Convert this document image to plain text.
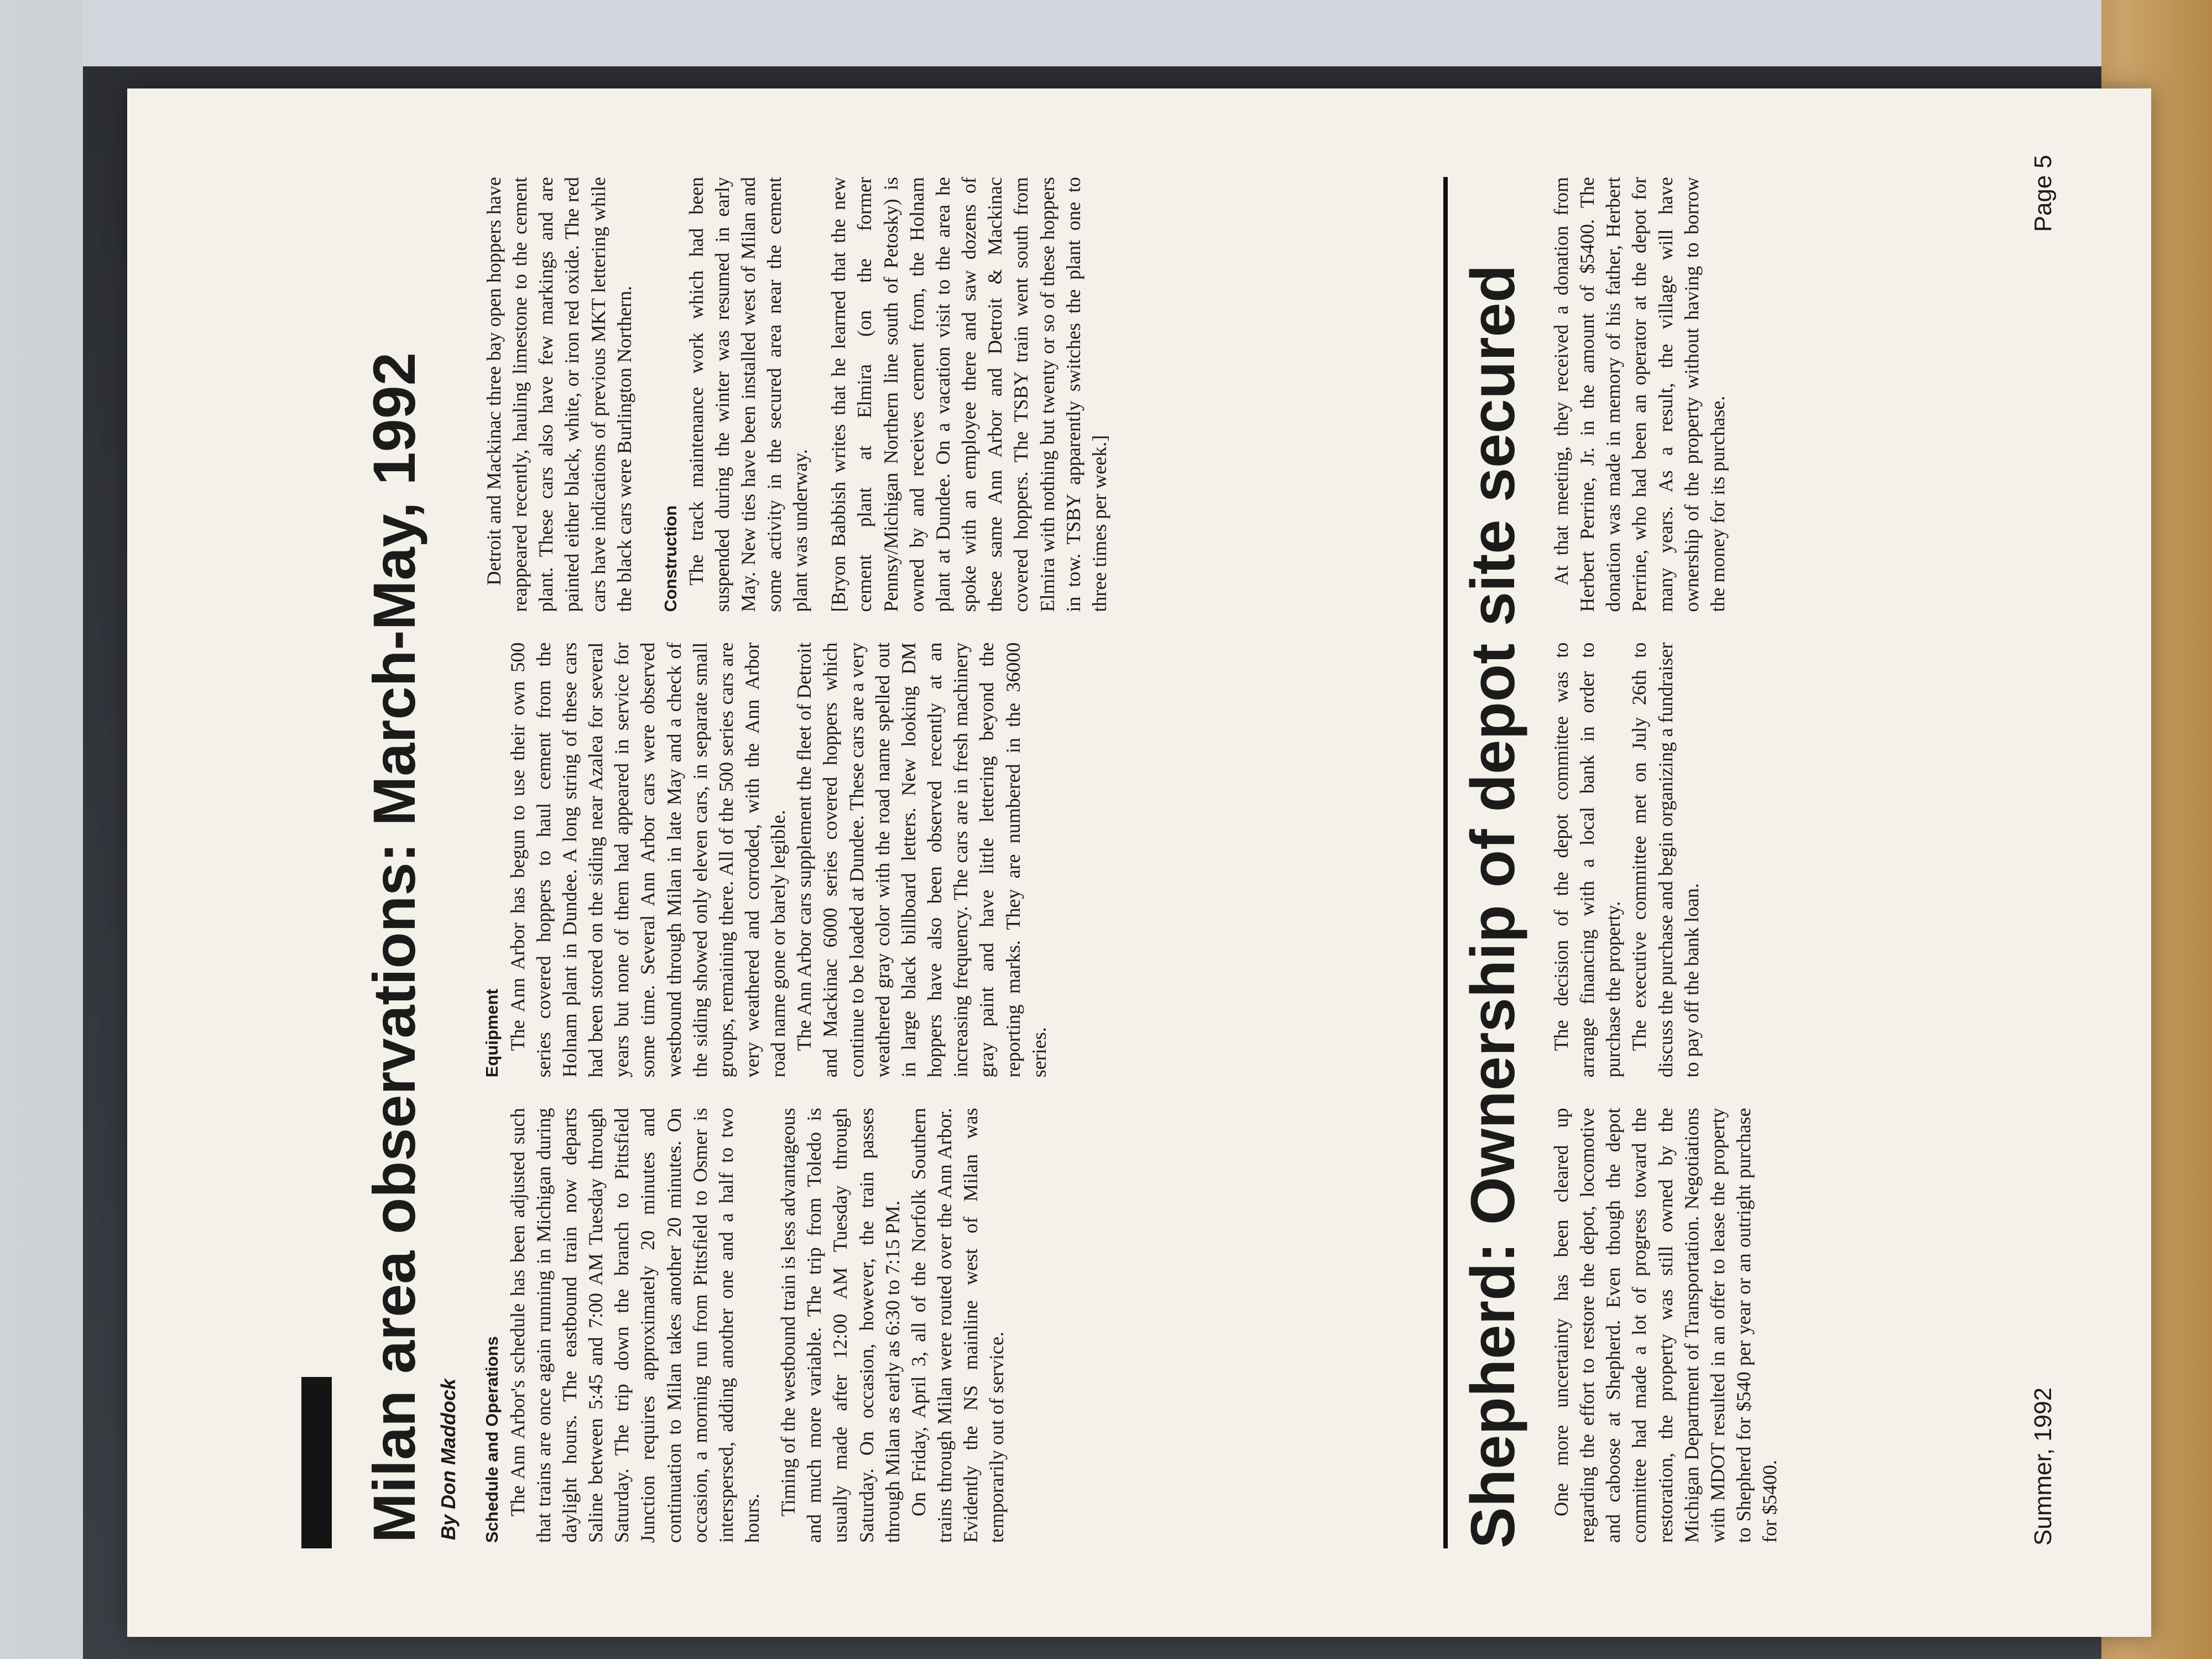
Milan area observations: March-May, 1992 By Don Maddock Schedule and Operations The Ann Arbor's schedule has been adjusted such that trains are once again running in Michigan during daylight hours. The eastbound train now departs Saline between 5:45 and 7:00 AM Tuesday through Saturday. The trip down the branch to Pittsfield Junction requires approximately 20 minutes and continuation to Milan takes another 20 minutes. On occasion, a morning run from Pittsfield to Osmer is interspersed, adding another one and a half to two hours.

Timing of the westbound train is less advantageous and much more variable. The trip from Toledo is usually made after 12:00 AM Tuesday through Saturday. On occasion, however, the train passes through Milan as early as 6:30 to 7:15 PM. On Friday, April 3, all of the Norfolk Southern trains through Milan were routed over the Ann Arbor. Evidently the NS mainline west of Milan was temporarily out of service.

Equipment The Ann Arbor has begun to use their own 500 series covered hoppers to haul cement from the Holnam plant in Dundee. A long string of these cars had been stored on the siding near Azalea for several years but none of them had appeared in service for some time. Several Ann Arbor cars were observed westbound through Milan in late May and a check of the siding showed only eleven cars, in separate small groups, remaining there. All of the 500 series cars are very weathered and corroded, with the Ann Arbor road name gone or barely legible. The Ann Arbor cars supplement the fleet of Detroit and Mackinac 6000 series covered hoppers which continue to be loaded at Dundee. These cars are a very weathered gray color with the road name spelled out in large black billboard letters. New looking DM hoppers have also been observed recently at an increasing frequency. The cars are in fresh machinery gray paint and have little lettering beyond the reporting marks. They are numbered in the 36000 series.

Detroit and Mackinac three bay open hoppers have reappeared recently, hauling limestone to the cement plant. These cars also have few markings and are painted either black, white, or iron red oxide. The red cars have indications of previous MKT lettering while the black cars were Burlington Northern. Construction The track maintenance work which had been suspended during the winter was resumed in early May. New ties have been installed west of Milan and some activity in the secured area near the cement plant was underway. [Bryon Babbish writes that he learned that the new cement plant at Elmira (on the former Pennsy/Michigan Northern line south of Petosky) is owned by and receives cement from, the Holnam plant at Dundee. On a vacation visit to the area he spoke with an employee there and saw dozens of these same Ann Arbor and Detroit & Mackinac covered hoppers. The TSBY train went south from Elmira with nothing but twenty or so of these hoppers in tow. TSBY apparently switches the plant one to three times per week.]	Shepherd: Ownership of depot site secured One more uncertainty has been cleared up regarding the effort to restore the depot, locomotive and caboose at Shepherd. Even though the depot committee had made a lot of progress toward the restoration, the property was still owned by the Michigan Department of Transportation. Negotiations with MDOT resulted in an offer to lease the property to Shepherd for $540 per year or an outright purchase for $5400.

The decision of the depot committee was to arrange financing with a local bank in order to purchase the property. The executive committee met on July 26th to discuss the purchase and begin organizing a fundraiser to pay off the bank loan.

At that meeting, they received a donation from Herbert Perrine, Jr. in the amount of $5400. The donation was made in memory of his father, Herbert Perrine, who had been an operator at the depot for many years. As a result, the village will have ownership of the property without having to borrow the money for its purchase.

Summer, 1992
Page 5
